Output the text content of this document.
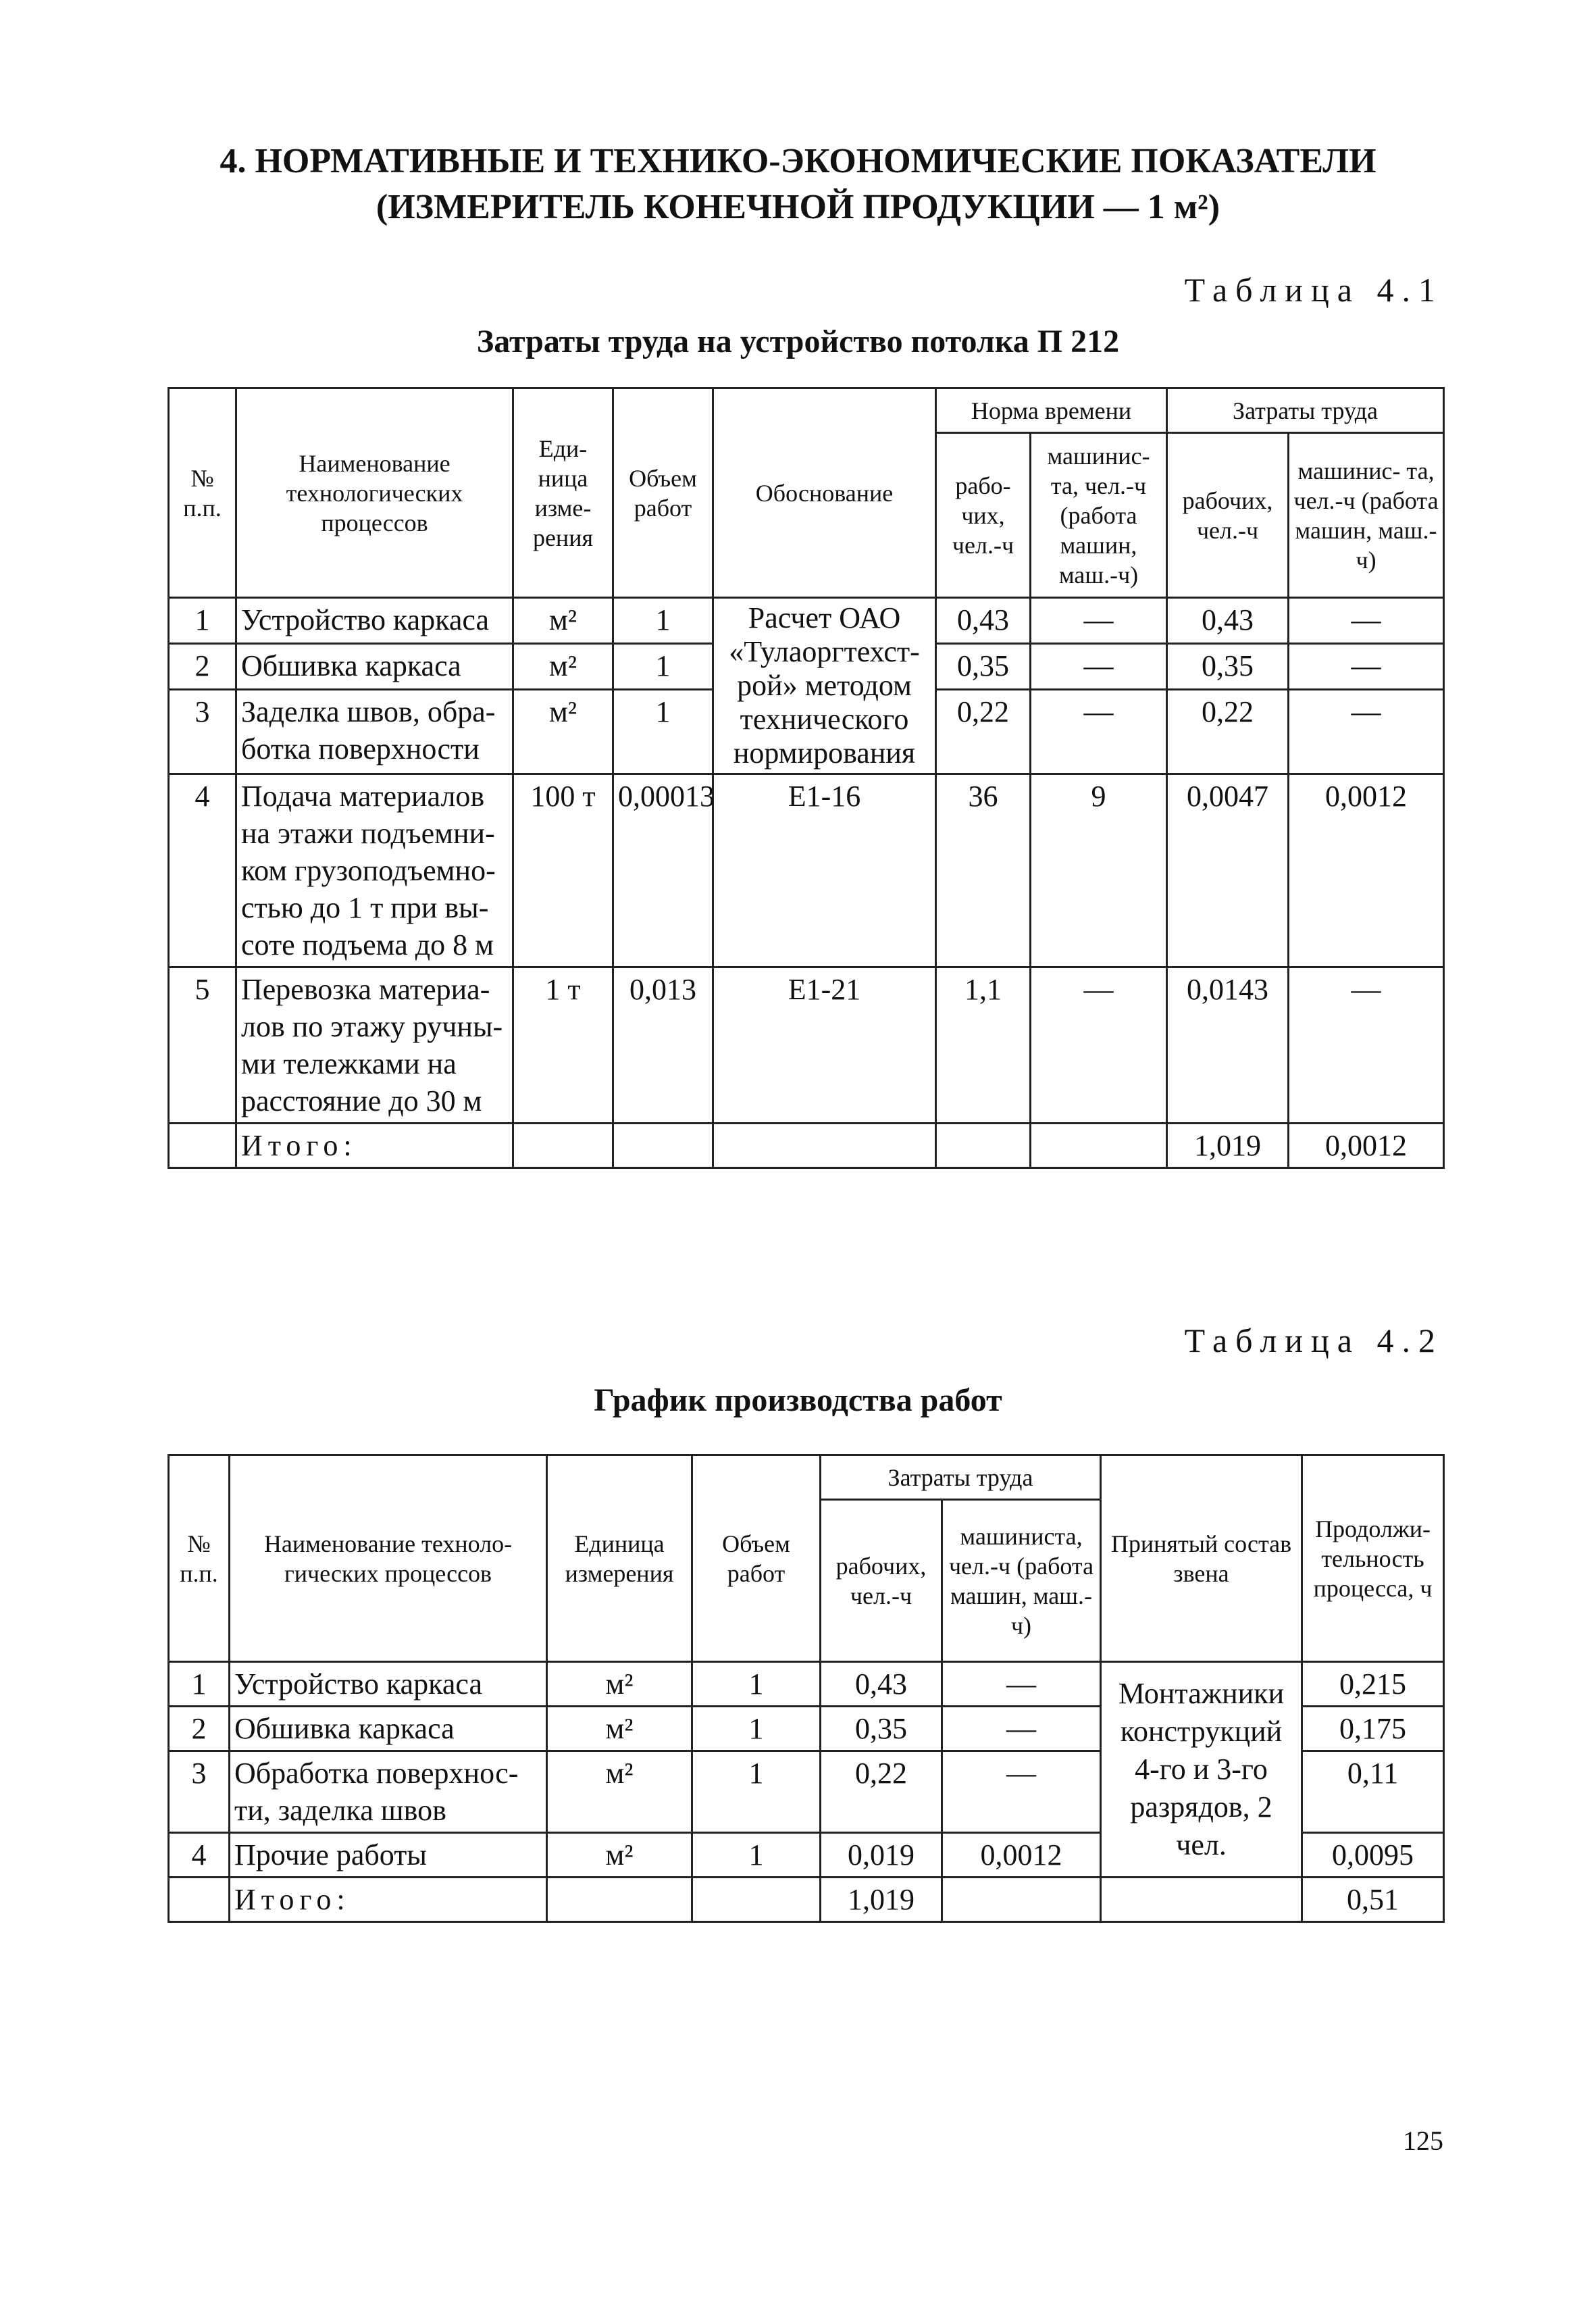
4. НОРМАТИВНЫЕ И ТЕХНИКО-ЭКОНОМИЧЕСКИЕ ПОКАЗАТЕЛИ
(ИЗМЕРИТЕЛЬ КОНЕЧНОЙ ПРОДУКЦИИ — 1 м²)
Таблица 4.1
Затраты труда на устройство потолка П 212
№ п.п.	Наименование технологических процессов	Еди- ница изме- рения	Объем работ	Обоснование	Норма времени		Затраты труда	
					рабо- чих, чел.-ч	машинис- та, чел.-ч (работа машин, маш.-ч)	рабочих, чел.-ч	машинис- та, чел.-ч (работа машин, маш.-ч)
1	Устройство каркаса	м²	1	Расчет ОАО «Тулаоргтехст- рой» методом технического нормирования	0,43	—	0,43	—
2	Обшивка каркаса	м²	1		0,35	—	0,35	—
3	Заделка швов, обра- ботка поверхности	м²	1		0,22	—	0,22	—
4	Подача материалов на этажи подъемни- ком грузоподъемно- стью до 1 т при вы- соте подъема до 8 м	100 т	0,00013	Е1-16	36	9	0,0047	0,0012
5	Перевозка материа- лов по этажу ручны- ми тележками на расстояние до 30 м	1 т	0,013	Е1-21	1,1	—	0,0143	—
	Итого:						1,019	0,0012
Таблица 4.2
График производства работ
№ п.п.	Наименование техноло- гических процессов	Единица измерения	Объем работ	Затраты труда		Принятый состав звена	Продолжи- тельность процесса, ч
				рабочих, чел.-ч	машиниста, чел.-ч (работа машин, маш.-ч)		
1	Устройство каркаса	м²	1	0,43	—	Монтажники конструкций 4-го и 3-го разрядов, 2 чел.	0,215
2	Обшивка каркаса	м²	1	0,35	—		0,175
3	Обработка поверхнос- ти, заделка швов	м²	1	0,22	—		0,11
4	Прочие работы	м²	1	0,019	0,0012		0,0095
	Итого:			1,019			0,51
125
